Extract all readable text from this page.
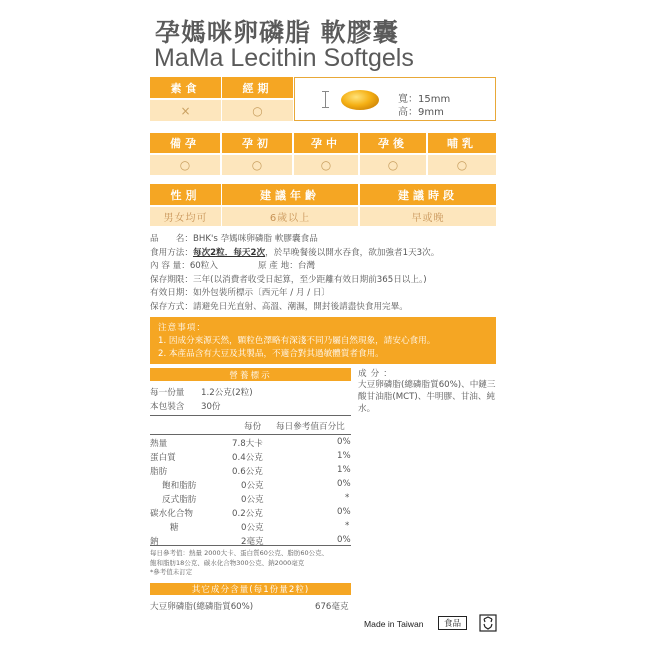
孕媽咪卵磷脂 軟膠囊
MaMa Lecithin Softgels
素食	經期
×	○
寬：15mm
高：9mm
備孕	孕初	孕中	孕後	哺乳
○	○	○	○	○
性別	建議年齡	建議時段
男女均可	6歲以上	早或晚
品　　名：BHK's 孕媽咪卵磷脂 軟膠囊食品
食用方法：每次2粒．每天2次，於早晚餐後以開水吞食，欲加強者1天3次。
內 容 量：60粒入	原 產 地：台灣
保存期限：三年(以消費者收受日起算，至少距離有效日期前365日以上。)
有效日期：如外包裝所標示〔西元年 / 月 / 日〕
保存方式：請避免日光直射、高溫、潮濕，開封後請盡快食用完畢。
注意事項：
1. 因成分來源天然，顆粒色澤略有深淺不同乃屬自然現象，請安心食用。
2. 本產品含有大豆及其製品，不適合對其過敏體質者食用。
營養標示
每一份量 1.2公克(2粒)
本包裝含 30份
每份 每日參考值百分比
熱量	7.8大卡	0%
蛋白質	0.4公克	1%
脂肪	0.6公克	1%
飽和脂肪	0公克	0%
反式脂肪	0公克	*
碳水化合物	0.2公克	0%
糖	0公克	*
鈉	2毫克	0%
每日參考值：熱量 2000大卡、蛋白質60公克、脂肪60公克、
飽和脂肪18公克、碳水化合物300公克、鈉2000毫克
*參考值未訂定
成分：
大豆卵磷脂(總磷脂質60%)、中鏈三酸甘油脂(MCT)、牛明膠、甘油、純水。
其它成分含量(每1份量2粒)
大豆卵磷脂(總磷脂質60%)	676毫克
Made in Taiwan	食品
